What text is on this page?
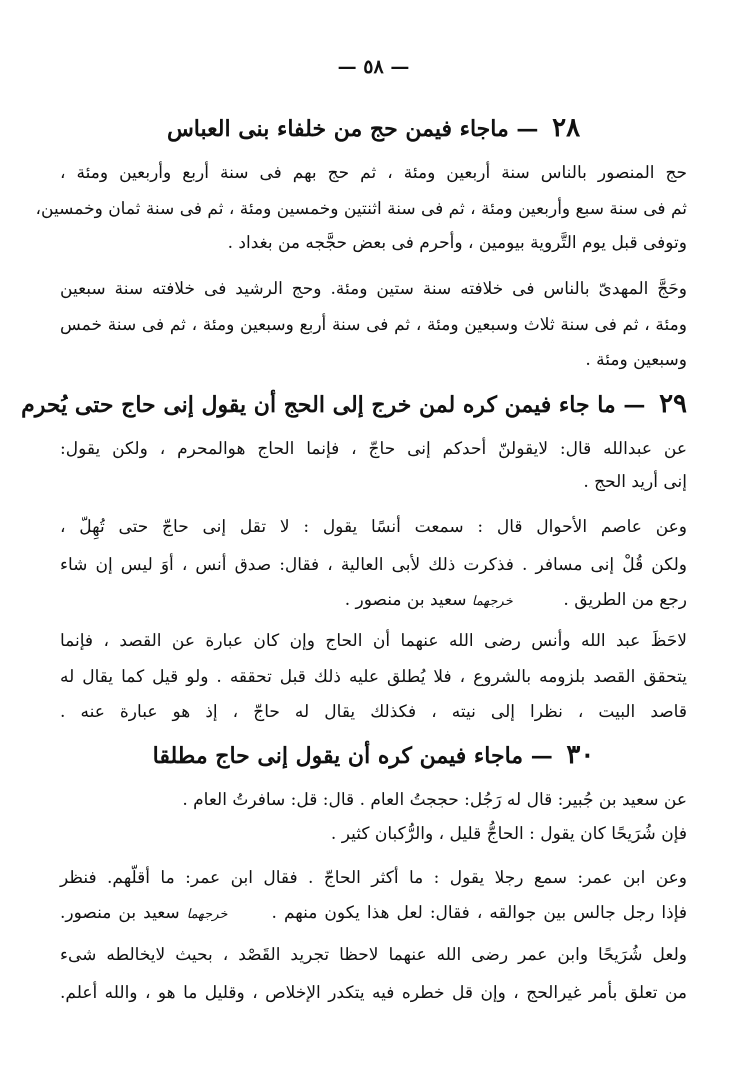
— ٥٨ —
٢٨ — ماجاء فيمن حج من خلفاء بنى العباس
حج المنصور بالناس سنة أربعين ومئة ، ثم حج بهم فى سنة أربع وأربعين ومئة ،
ثم فى سنة سبع وأربعين ومئة ، ثم فى سنة اثنتين وخمسين ومئة ، ثم فى سنة ثمان وخمسين،
وتوفى قبل يوم التَّروية بيومين ، وأحرم فى بعض حجَّجه من بغداد .
وحَجَّ المهدىّ بالناس فى خلافته سنة ستين ومئة. وحج الرشيد فى خلافته سنة سبعين
ومئة ، ثم فى سنة ثلاث وسبعين ومئة ، ثم فى سنة أربع وسبعين ومئة ، ثم فى سنة خمس
وسبعين ومئة .
٢٩ — ما جاء فيمن كره لمن خرج إلى الحج أن يقول إنى حاج حتى يُحرم
عن عبدالله قال: لايقولنّ أحدكم إنى حاجّ ، فإنما الحاج هوالمحرم ، ولكن يقول:
إنى أريد الحج .
وعن عاصم الأحوال قال : سمعت أنسًا يقول : لا تقل إنى حاجّ حتى تُهِلّ ،
ولكن قُلْ إنى مسافر . فذكرت ذلك لأبى العالية ، فقال: صدق أنس ، أوَ ليس إن شاء
رجع من الطريق .  خرجهما سعيد بن منصور .
لاحَظَ عبد الله وأنس رضى الله عنهما أن الحاج وإن كان عبارة عن القصد ، فإنما
يتحقق القصد بلزومه بالشروع ، فلا يُطلق عليه ذلك قبل تحققه . ولو قيل كما يقال له
قاصد البيت ، نظرا إلى نيته ، فكذلك يقال له حاجّ ، إذ هو عبارة عنه .
٣٠ — ماجاء فيمن كره أن يقول إنى حاج مطلقا
عن سعيد بن جُبير: قال له رَجُل: حججتُ العام . قال: قل: سافرتُ العام .
فإن شُرَيحًا كان يقول : الحاجُّ قليل ، والرُّكبان كثير .
وعن ابن عمر: سمع رجلا يقول : ما أكثر الحاجّ . فقال ابن عمر: ما أقلّهم. فنظر
فإذا رجل جالس بين جوالقه ، فقال: لعل هذا يكون منهم .  خرجهما سعيد بن منصور.
ولعل شُرَيحًا وابن عمر رضى الله عنهما لاحظا تجريد القَصْد ، بحيث لايخالطه شىء
من تعلق بأمر غيرالحج ، وإن قل خطره فيه يتكدر الإخلاص ، وقليل ما هو ، والله أعلم.
